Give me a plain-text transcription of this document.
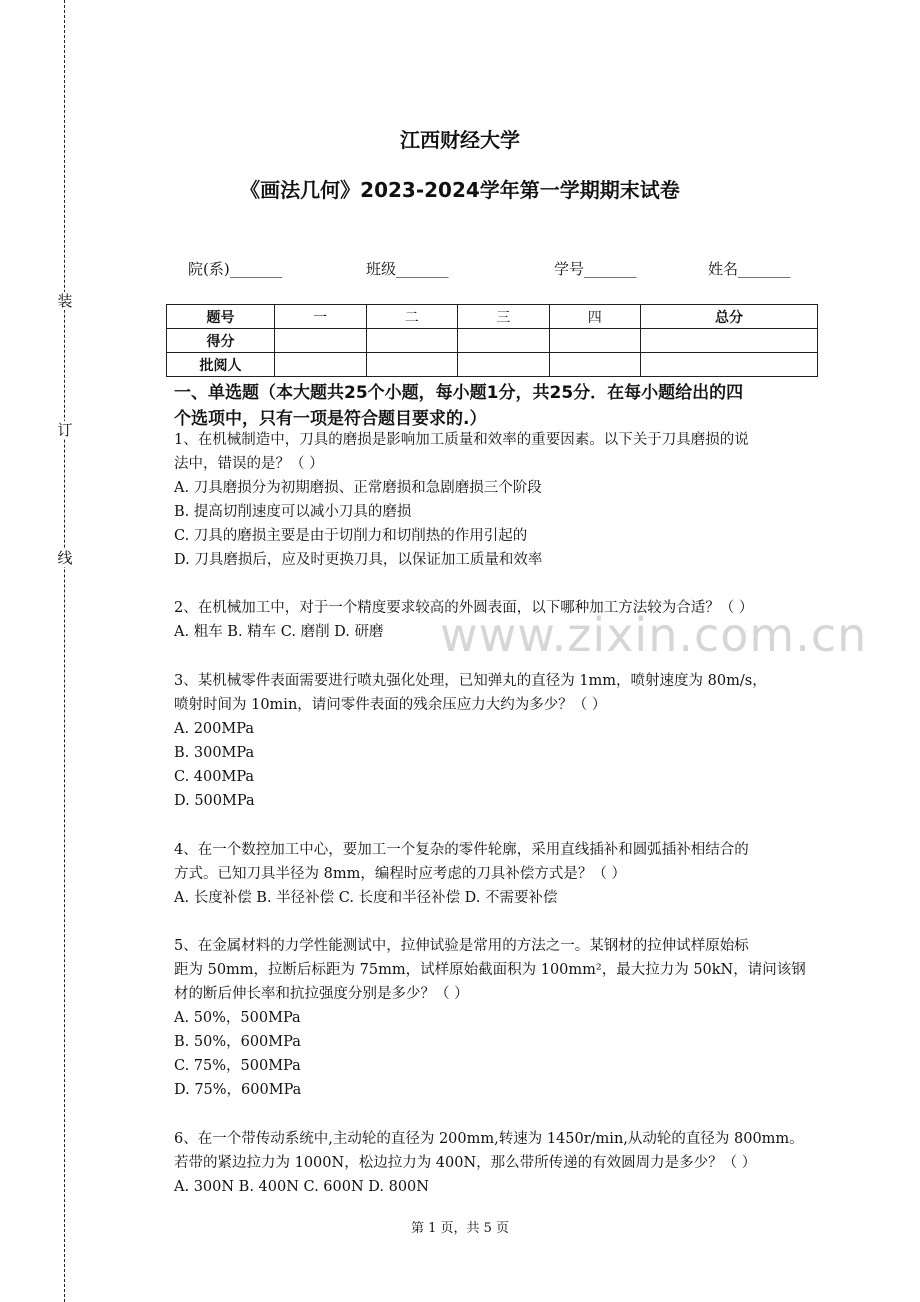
装
订
线
江西财经大学
《画法几何》2023-2024学年第一学期期末试卷
院(系)_______	班级_______	学号_______	姓名_______
题号	一	二	三	四	总分
得分					
批阅人					
一、单选题（本大题共25个小题，每小题1分，共25分．在每小题给出的四
个选项中，只有一项是符合题目要求的.）
www.zixin.com.cn
1、在机械制造中，刀具的磨损是影响加工质量和效率的重要因素。以下关于刀具磨损的说
法中，错误的是？（ ）
A. 刀具磨损分为初期磨损、正常磨损和急剧磨损三个阶段
B. 提高切削速度可以减小刀具的磨损
C. 刀具的磨损主要是由于切削力和切削热的作用引起的
D. 刀具磨损后，应及时更换刀具，以保证加工质量和效率
2、在机械加工中，对于一个精度要求较高的外圆表面，以下哪种加工方法较为合适？（ ）
A. 粗车 B. 精车 C. 磨削 D. 研磨
3、某机械零件表面需要进行喷丸强化处理，已知弹丸的直径为 1mm，喷射速度为 80m/s，
喷射时间为 10min，请问零件表面的残余压应力大约为多少？（ ）
A. 200MPa
B. 300MPa
C. 400MPa
D. 500MPa
4、在一个数控加工中心，要加工一个复杂的零件轮廓，采用直线插补和圆弧插补相结合的
方式。已知刀具半径为 8mm，编程时应考虑的刀具补偿方式是？（ ）
A. 长度补偿 B. 半径补偿 C. 长度和半径补偿 D. 不需要补偿
5、在金属材料的力学性能测试中，拉伸试验是常用的方法之一。某钢材的拉伸试样原始标
距为 50mm，拉断后标距为 75mm，试样原始截面积为 100mm²，最大拉力为 50kN，请问该钢
材的断后伸长率和抗拉强度分别是多少？（ ）
A. 50%，500MPa
B. 50%，600MPa
C. 75%，500MPa
D. 75%，600MPa
6、在一个带传动系统中,主动轮的直径为 200mm,转速为 1450r/min,从动轮的直径为 800mm。
若带的紧边拉力为 1000N，松边拉力为 400N，那么带所传递的有效圆周力是多少？（ ）
A. 300N B. 400N C. 600N D. 800N
第 1 页，共 5 页
